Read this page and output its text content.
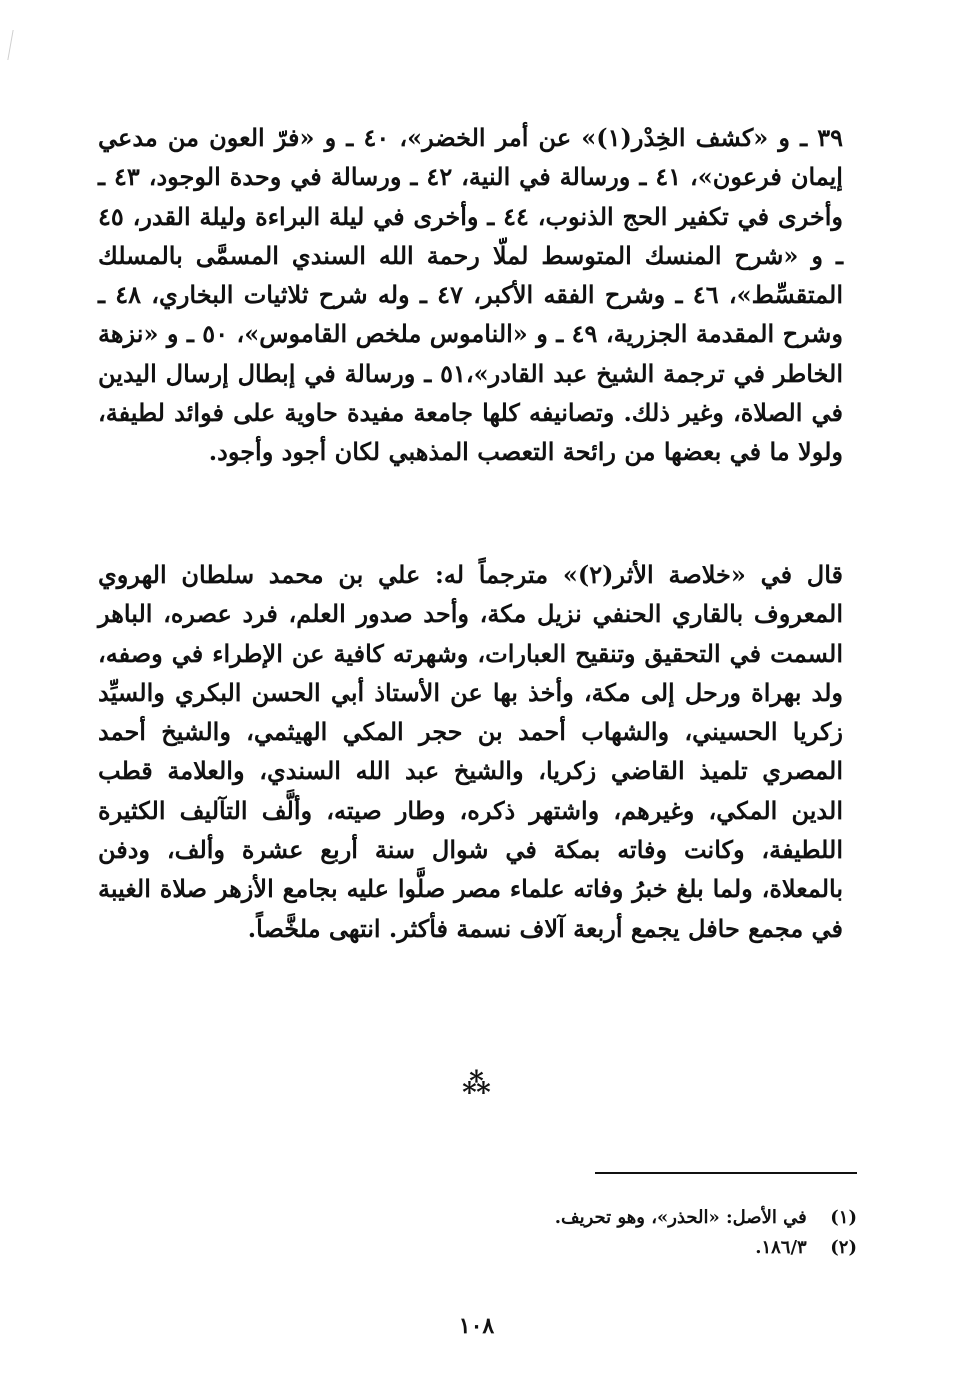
٣٩ ـ و «كشف الخِدْر(١)» عن أمر الخضر»، ٤٠ ـ و «فرّ العون من مدعي إيمان فرعون»، ٤١ ـ ورسالة في النية، ٤٢ ـ ورسالة في وحدة الوجود، ٤٣ ـ وأخرى في تكفير الحج الذنوب، ٤٤ ـ وأخرى في ليلة البراءة وليلة القدر، ٤٥ ـ و «شرح المنسك المتوسط لملّا رحمة الله السندي المسمَّى بالمسلك المتقسِّط»، ٤٦ ـ وشرح الفقه الأكبر، ٤٧ ـ وله شرح ثلاثيات البخاري، ٤٨ ـ وشرح المقدمة الجزرية، ٤٩ ـ و «الناموس ملخص القاموس»، ٥٠ ـ و «نزهة الخاطر في ترجمة الشيخ عبد القادر»،٥١ ـ ورسالة في إبطال إرسال اليدين في الصلاة، وغير ذلك. وتصانيفه كلها جامعة مفيدة حاوية على فوائد لطيفة، ولولا ما في بعضها من رائحة التعصب المذهبي لكان أجود وأجود.

قال في «خلاصة الأثر(٢)» مترجماً له: علي بن محمد سلطان الهروي المعروف بالقاري الحنفي نزيل مكة، وأحد صدور العلم، فرد عصره، الباهر السمت في التحقيق وتنقيح العبارات، وشهرته كافية عن الإطراء في وصفه، ولد بهراة ورحل إلى مكة، وأخذ بها عن الأستاذ أبي الحسن البكري والسيِّد زكريا الحسيني، والشهاب أحمد بن حجر المكي الهيثمي، والشيخ أحمد المصري تلميذ القاضي زكريا، والشيخ عبد الله السندي، والعلامة قطب الدين المكي، وغيرهم، واشتهر ذكره، وطار صيته، وألَّف التآليف الكثيرة اللطيفة، وكانت وفاته بمكة في شوال سنة أربع عشرة وألف، ودفن بالمعلاة، ولما بلغ خبرُ وفاته علماء مصر صلَّوا عليه بجامع الأزهر صلاة الغيبة في مجمع حافل يجمع أربعة آلاف نسمة فأكثر. انتهى ملخَّصاً.

⁂
(١) في الأصل: «الحذر»، وهو تحريف.
(٢) ١٨٦/٣.
١٠٨
